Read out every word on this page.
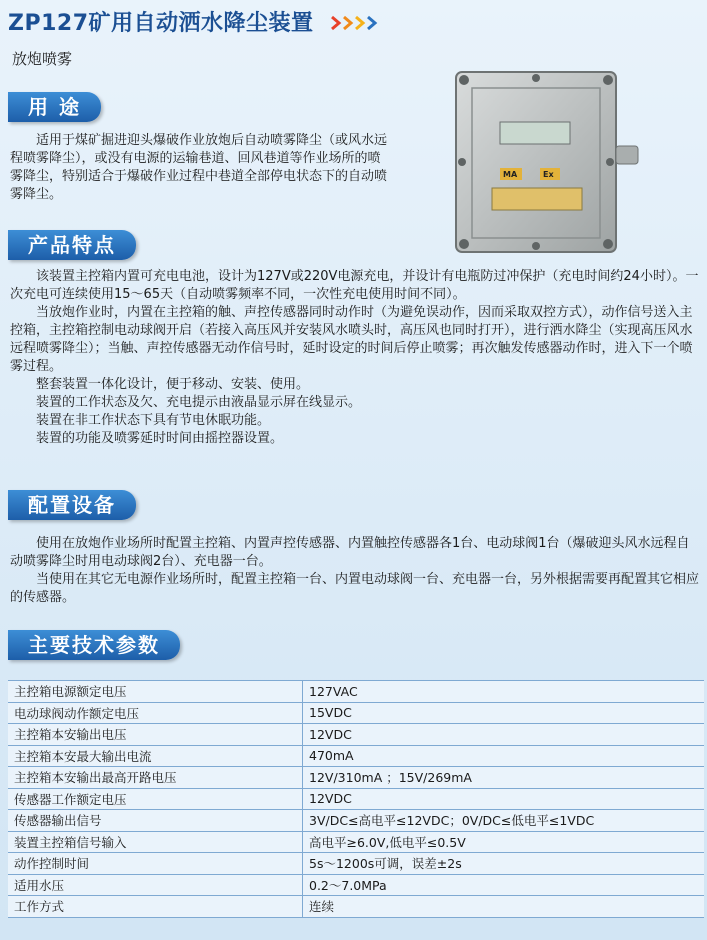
ZP127矿用自动洒水降尘装置
放炮喷雾
MA	Ex
用 途

适用于煤矿掘进迎头爆破作业放炮后自动喷雾降尘（或风水远程喷雾降尘），或没有电源的运输巷道、回风巷道等作业场所的喷雾降尘，特别适合于爆破作业过程中巷道全部停电状态下的自动喷雾降尘。

产品特点

该装置主控箱内置可充电电池，设计为127V或220V电源充电，并设计有电瓶防过冲保护（充电时间约24小时）。一次充电可连续使用15～65天（自动喷雾频率不同，一次性充电使用时间不同）。

当放炮作业时，内置在主控箱的触、声控传感器同时动作时（为避免误动作，因而采取双控方式），动作信号送入主控箱，主控箱控制电动球阀开启（若接入高压风并安装风水喷头时，高压风也同时打开），进行洒水降尘（实现高压风水远程喷雾降尘）；当触、声控传感器无动作信号时，延时设定的时间后停止喷雾；再次触发传感器动作时，进入下一个喷雾过程。

整套装置一体化设计，便于移动、安装、使用。

装置的工作状态及欠、充电提示由液晶显示屏在线显示。

装置在非工作状态下具有节电休眠功能。

装置的功能及喷雾延时时间由摇控器设置。

配置设备

使用在放炮作业场所时配置主控箱、内置声控传感器、内置触控传感器各1台、电动球阀1台（爆破迎头风水远程自动喷雾降尘时用电动球阀2台）、充电器一台。

当使用在其它无电源作业场所时，配置主控箱一台、内置电动球阀一台、充电器一台，另外根据需要再配置其它相应的传感器。

主要技术参数
主控箱电源额定电压	127VAC
电动球阀动作额定电压	15VDC
主控箱本安输出电压	12VDC
主控箱本安最大输出电流	470mA
主控箱本安输出最高开路电压	12V/310mA ；15V/269mA
传感器工作额定电压	12VDC
传感器输出信号	3V/DC≤高电平≤12VDC；0V/DC≤低电平≤1VDC
装置主控箱信号输入	高电平≥6.0V,低电平≤0.5V
动作控制时间	5s～1200s可调，误差±2s
适用水压	0.2～7.0MPa
工作方式	连续
